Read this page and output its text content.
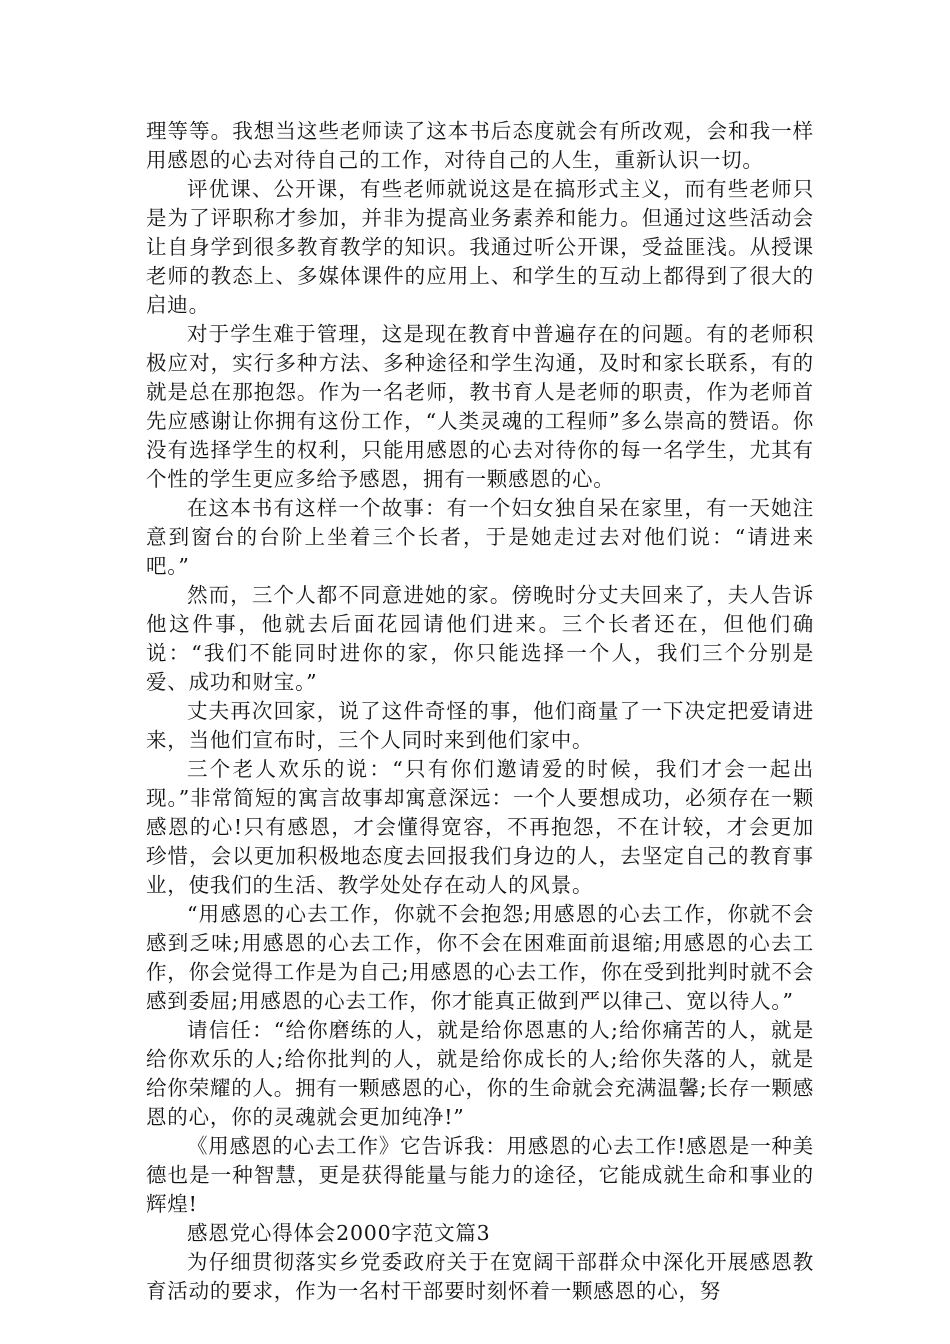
理等等。我想当这些老师读了这本书后态度就会有所改观，会和我一样用感恩的心去对待自己的工作，对待自己的人生，重新认识一切。

评优课、公开课，有些老师就说这是在搞形式主义，而有些老师只是为了评职称才参加，并非为提高业务素养和能力。但通过这些活动会让自身学到很多教育教学的知识。我通过听公开课，受益匪浅。从授课老师的教态上、多媒体课件的应用上、和学生的互动上都得到了很大的启迪。

对于学生难于管理，这是现在教育中普遍存在的问题。有的老师积极应对，实行多种方法、多种途径和学生沟通，及时和家长联系，有的就是总在那抱怨。作为一名老师，教书育人是老师的职责，作为老师首先应感谢让你拥有这份工作，“人类灵魂的工程师”多么崇高的赞语。你没有选择学生的权利，只能用感恩的心去对待你的每一名学生，尤其有个性的学生更应多给予感恩，拥有一颗感恩的心。

在这本书有这样一个故事：有一个妇女独自呆在家里，有一天她注意到窗台的台阶上坐着三个长者，于是她走过去对他们说：“请进来吧。”

然而，三个人都不同意进她的家。傍晚时分丈夫回来了，夫人告诉他这件事，他就去后面花园请他们进来。三个长者还在，但他们确说：“我们不能同时进你的家，你只能选择一个人，我们三个分别是爱、成功和财宝。”

丈夫再次回家，说了这件奇怪的事，他们商量了一下决定把爱请进来，当他们宣布时，三个人同时来到他们家中。

三个老人欢乐的说：“只有你们邀请爱的时候，我们才会一起出现。”非常简短的寓言故事却寓意深远：一个人要想成功，必须存在一颗感恩的心!只有感恩，才会懂得宽容，不再抱怨，不在计较，才会更加珍惜，会以更加积极地态度去回报我们身边的人，去坚定自己的教育事业，使我们的生活、教学处处存在动人的风景。

“用感恩的心去工作，你就不会抱怨;用感恩的心去工作，你就不会感到乏味;用感恩的心去工作，你不会在困难面前退缩;用感恩的心去工作，你会觉得工作是为自己;用感恩的心去工作，你在受到批判时就不会感到委屈;用感恩的心去工作，你才能真正做到严以律己、宽以待人。”

请信任：“给你磨练的人，就是给你恩惠的人;给你痛苦的人，就是给你欢乐的人;给你批判的人，就是给你成长的人;给你失落的人，就是给你荣耀的人。拥有一颗感恩的心，你的生命就会充满温馨;长存一颗感恩的心，你的灵魂就会更加纯净!”

《用感恩的心去工作》它告诉我：用感恩的心去工作!感恩是一种美德也是一种智慧，更是获得能量与能力的途径，它能成就生命和事业的辉煌!

感恩党心得体会2000字范文篇3

为仔细贯彻落实乡党委政府关于在宽阔干部群众中深化开展感恩教育活动的要求，作为一名村干部要时刻怀着一颗感恩的心，努
